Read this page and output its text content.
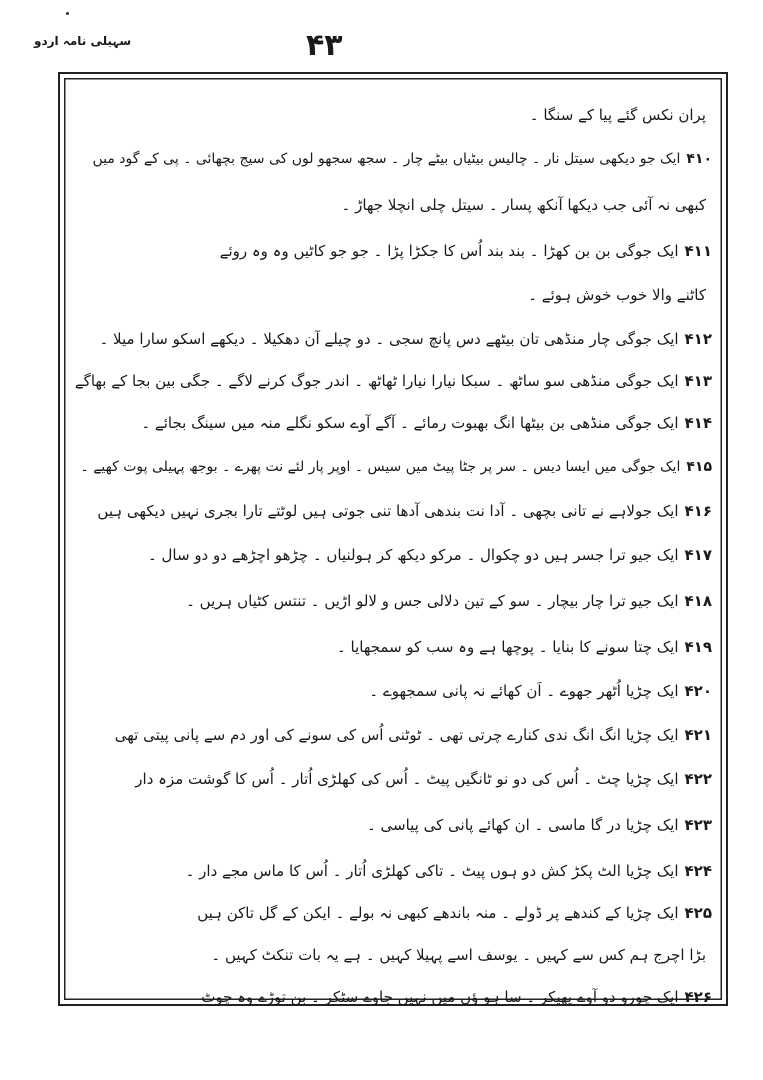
سہیلی نامہ اردو	۴۳
پران نکس گئے پیا کے سنگا ۔
۴۱۰ایک جو دیکھی سیتل نار ۔ چالیس بیٹیاں بیٹے چار ۔ سجھ سجھو لوں کی سیج بچھائی ۔ پی کے گود میں
کبھی نہ آئی جب دیکھا آنکھ پسار ۔ سیتل چلی انچلا جھاڑ ۔
۴۱۱ایک جوگی بن بن کھڑا ۔ بند بند اُس کا جکڑا پڑا ۔ جو جو کاٹیں وہ وہ روئے
کاٹنے والا خوب خوش ہوئے ۔
۴۱۲ایک جوگی چار منڈھی تان بیٹھے دس پانچ سجی ۔ دو چیلے آن دھکیلا ۔ دیکھے اسکو سارا میلا ۔
۴۱۳ایک جوگی منڈھی سو ساٹھ ۔ سبکا نیارا نیارا ٹھاٹھ ۔ اندر جوگ کرنے لاگے ۔ جگی بین بجا کے بھاگے
۴۱۴ایک جوگی منڈھی بن بیٹھا انگ بھبوت رمائے ۔ آگے آوے سکو نگلے منہ میں سینگ بجائے ۔
۴۱۵ایک جوگی میں ایسا دیس ۔ سر پر جٹا پیٹ میں سیس ۔ اوپر پار لئے نت پھرے ۔ بوجھ پہیلی پوت کھیے ۔
۴۱۶ایک جولاہے نے تانی بچھی ۔ آدا نت بندھی آدھا تنی جوتی ہیں لوٹتے تارا بجری نہیں دیکھی ہیں
۴۱۷ایک جیو ترا جسر ہیں دو چکوال ۔ مرکو دیکھ کر ہولنیاں ۔ چڑھو اچڑھے دو دو سال ۔
۴۱۸ایک جیو ترا چار بیچار ۔ سو کے تین دلالی جس و لالو اڑیں ۔ تنتس کٹیاں ہریں ۔
۴۱۹ایک چتا سونے کا بنایا ۔ پوچھا ہے وہ سب کو سمجھایا ۔
۴۲۰ایک چڑیا اُٹھر جھوے ۔ اَن کھائے نہ پانی سمجھوے ۔
۴۲۱ایک چڑیا انگ انگ ندی کنارے چرتی تھی ۔ ٹوٹنی اُس کی سونے کی اور دم سے پانی پیتی تھی
۴۲۲ایک چڑیا چٹ ۔ اُس کی دو نو ٹانگیں پیٹ ۔ اُس کی کھلڑی اُتار ۔ اُس کا گوشت مزہ دار
۴۲۳ایک چڑیا در گا ماسی ۔ ان کھائے پانی کی پیاسی ۔
۴۲۴ایک چڑیا الٹ پکڑ کش دو ہوں پیٹ ۔ تاکی کھلڑی اُتار ۔ اُس کا ماس مجے دار ۔
۴۲۵ایک چڑیا کے کندھے پر ڈولے ۔ منہ باندھے کبھی نہ بولے ۔ ایکن کے گل تاکن ہیں
بڑا اچرج ہم کس سے کہیں ۔ یوسف اسے پہیلا کہیں ۔ ہے یہ بات تنکٹ کہیں ۔
۴۲۶ایک چورو دو آوے پھیکر ۔ سا ہو ؤں میں نہیں جاوے سٹکر ۔ بن توڑے وہ چوٹ
